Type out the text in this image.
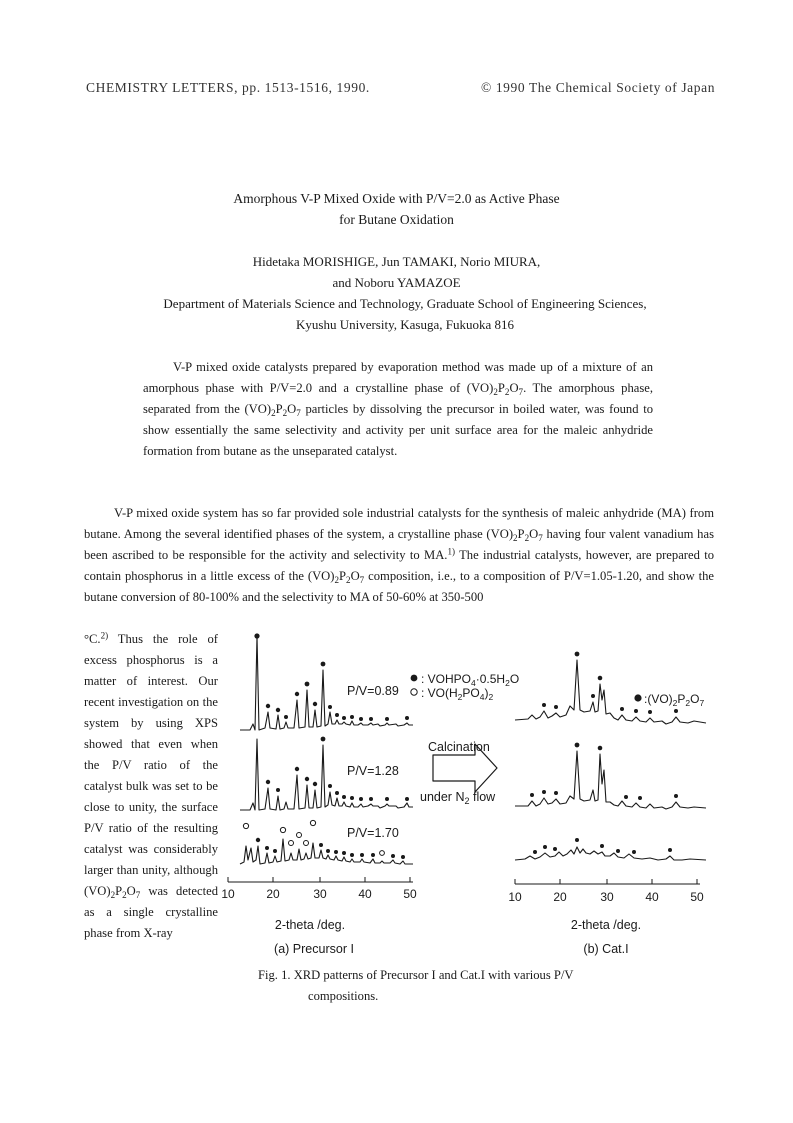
CHEMISTRY LETTERS, pp. 1513-1516, 1990.	© 1990 The Chemical Society of Japan
Amorphous V-P Mixed Oxide with P/V=2.0 as Active Phase
for Butane Oxidation
Hidetaka MORISHIGE, Jun TAMAKI, Norio MIURA,
and Noboru YAMAZOE
Department of Materials Science and Technology, Graduate School of Engineering Sciences,
Kyushu University, Kasuga, Fukuoka 816

V-P mixed oxide catalysts prepared by evaporation method was made up of a mixture of an amorphous phase with P/V=2.0 and a crystalline phase of $(VO)_2P_2O_7$. The amorphous phase, separated from the $(VO)_2P_2O_7$ particles by dissolving the precursor in boiled water, was found to show essentially the same selectivity and activity per unit surface area for the maleic anhydride formation from butane as the unseparated catalyst.

V-P mixed oxide system has so far provided sole industrial catalysts for the synthesis of maleic anhydride (MA) from butane. Among the several identified phases of the system, a crystalline phase $(VO)_2P_2O_7$ having four valent vanadium has been ascribed to be responsible for the activity and selectivity to MA.$^{1)}$ The industrial catalysts, however, are prepared to contain phosphorus in a little excess of the $(VO)_2P_2O_7$ composition, i.e., to a composition of P/V=1.05-1.20, and show the butane conversion of 80-100% and the selectivity to MA of 50-60% at 350-500

°C.$^{2)}$ Thus the role of excess phosphorus is a matter of interest. Our recent investigation on the system by using XPS showed that even when the P/V ratio of the catalyst bulk was set to be close to unity, the surface P/V ratio of the resulting catalyst was considerably larger than unity, although $(VO)_2P_2O_7$ was detected as a single crystalline phase from X-ray

P/V=0.89
P/V=1.28
P/V=1.70
: $VOHPO_4\cdot 0.5H_2O$
: $VO(H_2PO_4)_2$	$:(VO)_2P_2O_7$
Calcination
under $N_2$ flow
10	20	30	40	50	10	20	30	40	50
2-theta /deg.	2-theta /deg.
(a) Precursor I	(b) Cat.I
Fig. 1. XRD patterns of Precursor I and Cat.I with various P/V
compositions.
